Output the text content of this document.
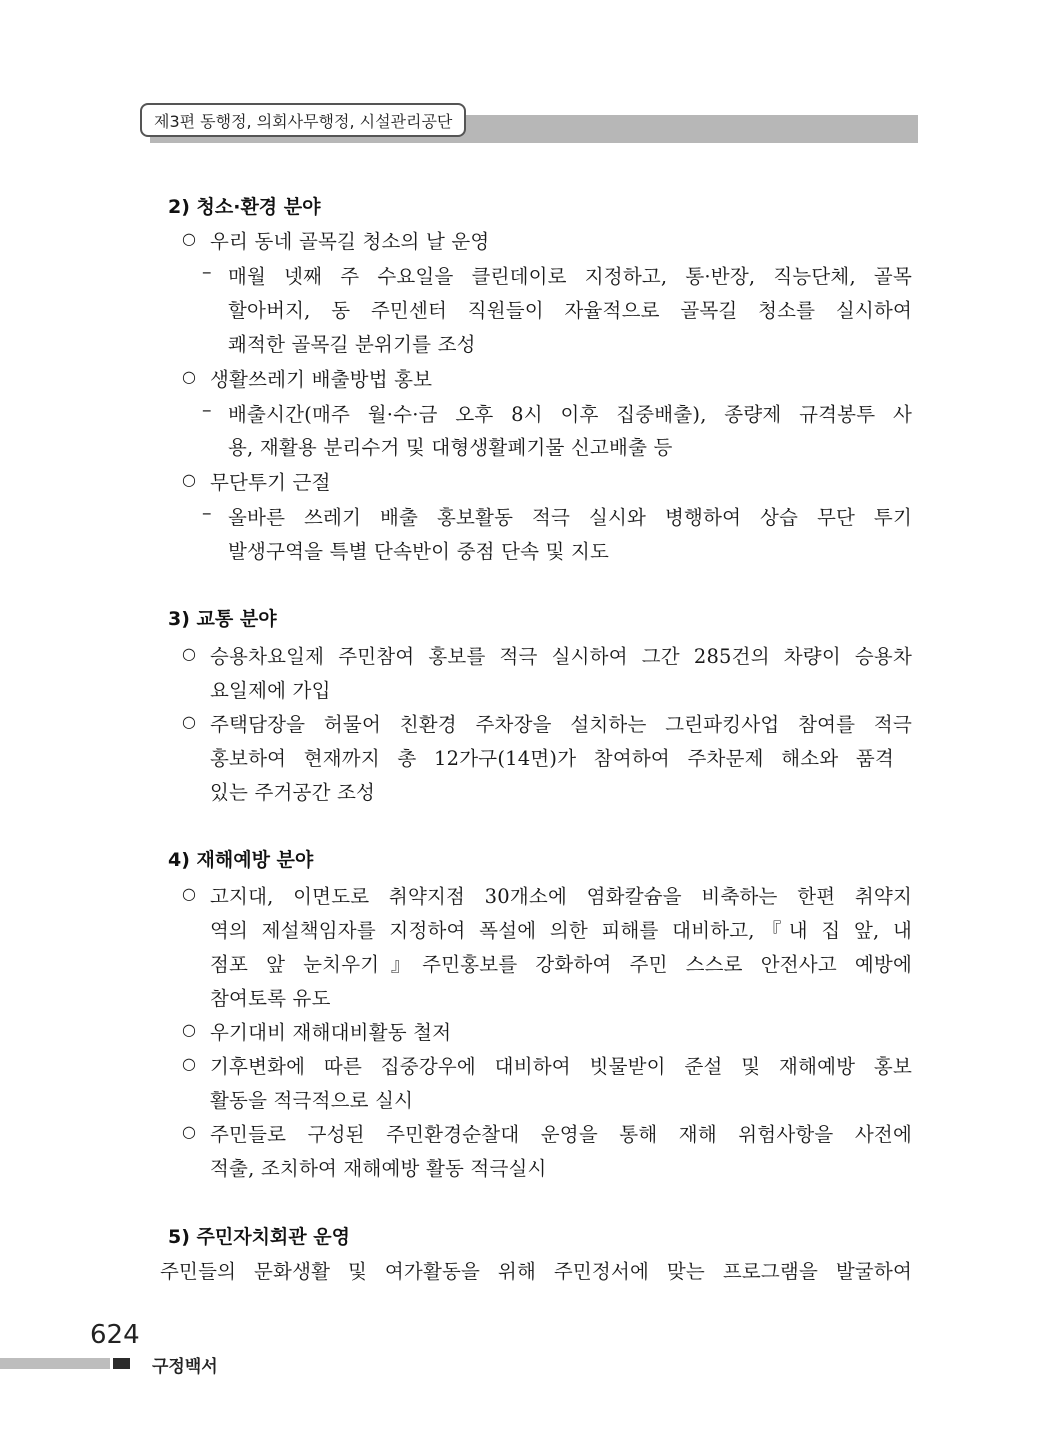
제3편 동행정, 의회사무행정, 시설관리공단
2) 청소·환경 분야
○ 우리 동네 골목길 청소의 날 운영
– 매월 넷째 주 수요일을 클린데이로 지정하고, 통·반장, 직능단체, 골목
할아버지, 동 주민센터 직원들이 자율적으로 골목길 청소를 실시하여
쾌적한 골목길 분위기를 조성
○ 생활쓰레기 배출방법 홍보
– 배출시간(매주 월·수·금 오후 8시 이후 집중배출), 종량제 규격봉투 사
용, 재활용 분리수거 및 대형생활폐기물 신고배출 등
○ 무단투기 근절
– 올바른 쓰레기 배출 홍보활동 적극 실시와 병행하여 상습 무단 투기
발생구역을 특별 단속반이 중점 단속 및 지도
3) 교통 분야
○ 승용차요일제 주민참여 홍보를 적극 실시하여 그간 285건의 차량이 승용차
요일제에 가입
○ 주택담장을 허물어 친환경 주차장을 설치하는 그린파킹사업 참여를 적극
홍보하여 현재까지 총 12가구(14면)가 참여하여 주차문제 해소와 품격
있는 주거공간 조성
4) 재해예방 분야
○ 고지대, 이면도로 취약지점 30개소에 염화칼슘을 비축하는 한편 취약지
역의 제설책임자를 지정하여 폭설에 의한 피해를 대비하고,『내 집 앞, 내
점포 앞 눈치우기』주민홍보를 강화하여 주민 스스로 안전사고 예방에
참여토록 유도
○ 우기대비 재해대비활동 철저
○ 기후변화에 따른 집중강우에 대비하여 빗물받이 준설 및 재해예방 홍보
활동을 적극적으로 실시
○ 주민들로 구성된 주민환경순찰대 운영을 통해 재해 위험사항을 사전에
적출, 조치하여 재해예방 활동 적극실시
5) 주민자치회관 운영
주민들의 문화생활 및 여가활동을 위해 주민정서에 맞는 프로그램을 발굴하여
624
구정백서
